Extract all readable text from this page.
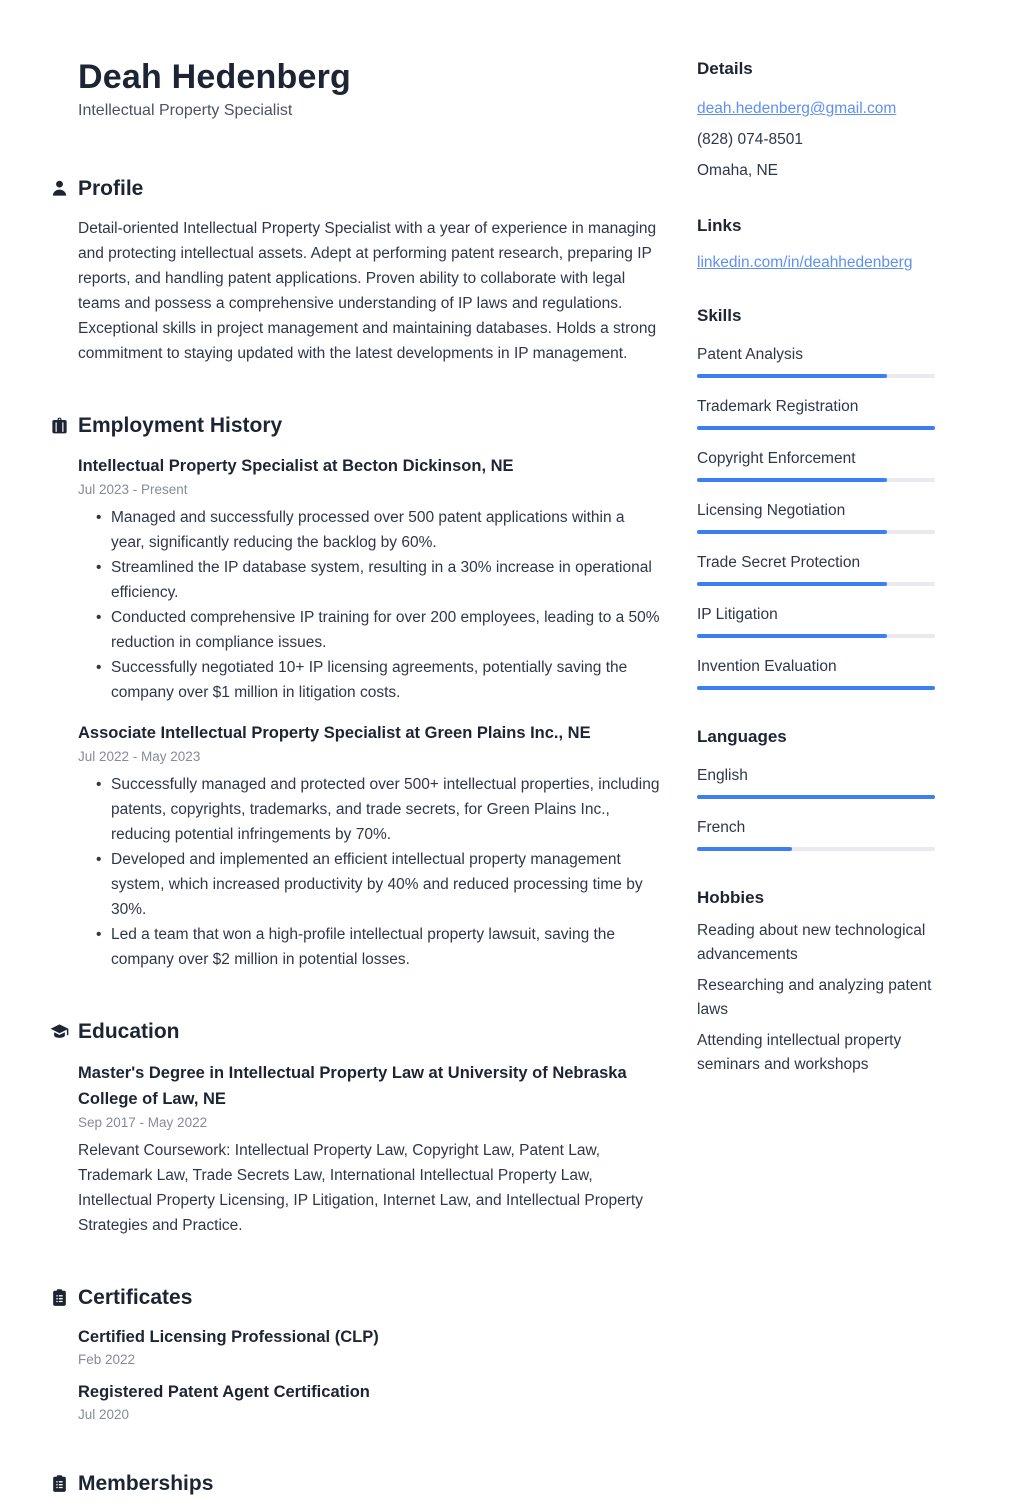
Deah Hedenberg
Intellectual Property Specialist
Profile
Detail-oriented Intellectual Property Specialist with a year of experience in managing and protecting intellectual assets. Adept at performing patent research, preparing IP reports, and handling patent applications. Proven ability to collaborate with legal teams and possess a comprehensive understanding of IP laws and regulations. Exceptional skills in project management and maintaining databases. Holds a strong commitment to staying updated with the latest developments in IP management.
Employment History
Intellectual Property Specialist at Becton Dickinson, NE
Jul 2023 - Present
• Managed and successfully processed over 500 patent applications within a year, significantly reducing the backlog by 60%.
• Streamlined the IP database system, resulting in a 30% increase in operational efficiency.
• Conducted comprehensive IP training for over 200 employees, leading to a 50% reduction in compliance issues.
• Successfully negotiated 10+ IP licensing agreements, potentially saving the company over $1 million in litigation costs.
Associate Intellectual Property Specialist at Green Plains Inc., NE
Jul 2022 - May 2023
• Successfully managed and protected over 500+ intellectual properties, including patents, copyrights, trademarks, and trade secrets, for Green Plains Inc., reducing potential infringements by 70%.
• Developed and implemented an efficient intellectual property management system, which increased productivity by 40% and reduced processing time by 30%.
• Led a team that won a high-profile intellectual property lawsuit, saving the company over $2 million in potential losses.
Education
Master's Degree in Intellectual Property Law at University of Nebraska College of Law, NE
Sep 2017 - May 2022
Relevant Coursework: Intellectual Property Law, Copyright Law, Patent Law, Trademark Law, Trade Secrets Law, International Intellectual Property Law, Intellectual Property Licensing, IP Litigation, Internet Law, and Intellectual Property Strategies and Practice.
Certificates
Certified Licensing Professional (CLP)
Feb 2022
Registered Patent Agent Certification
Jul 2020
Memberships
Details
deah.hedenberg@gmail.com
(828) 074-8501
Omaha, NE
Links
linkedin.com/in/deahhedenberg
Skills
Patent Analysis
Trademark Registration
Copyright Enforcement
Licensing Negotiation
Trade Secret Protection
IP Litigation
Invention Evaluation
Languages
English
French
Hobbies
Reading about new technological advancements
Researching and analyzing patent laws
Attending intellectual property seminars and workshops
